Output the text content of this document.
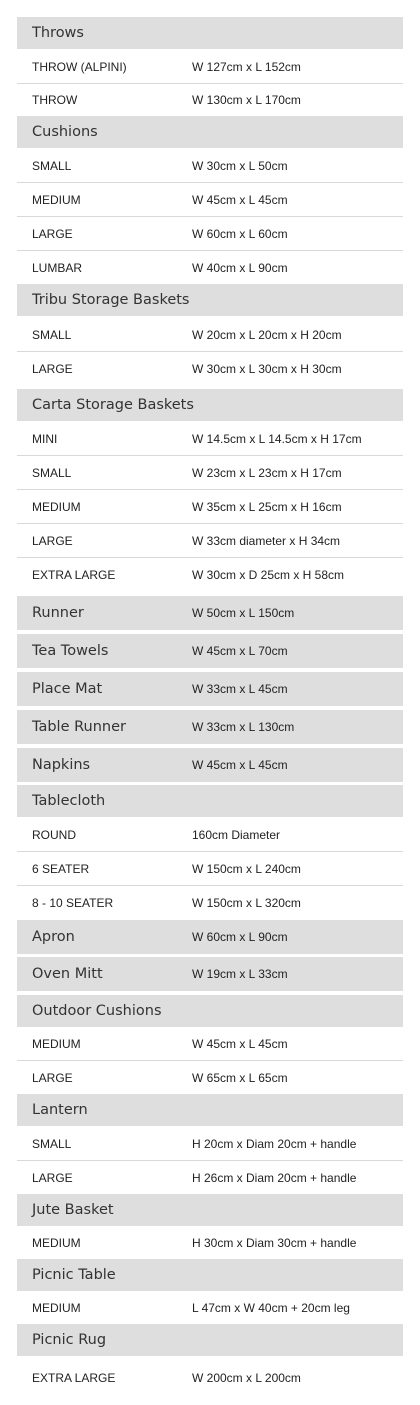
Throws
THROW (ALPINI)	W 127cm x L 152cm
THROW	W 130cm x L 170cm
Cushions
SMALL	W 30cm x L 50cm
MEDIUM	W 45cm x L 45cm
LARGE	W 60cm x L 60cm
LUMBAR	W 40cm x L 90cm
Tribu Storage Baskets
SMALL	W 20cm x L 20cm x H 20cm
LARGE	W 30cm x L 30cm x H 30cm
Carta Storage Baskets
MINI	W 14.5cm x L 14.5cm x H 17cm
SMALL	W 23cm x L 23cm x H 17cm
MEDIUM	W 35cm x L 25cm x H 16cm
LARGE	W 33cm diameter x H 34cm
EXTRA LARGE	W 30cm x D 25cm x H 58cm
Runner	W 50cm x L 150cm
Tea Towels	W 45cm x L 70cm
Place Mat	W 33cm x L 45cm
Table Runner	W 33cm x L 130cm
Napkins	W 45cm x L 45cm
Tablecloth
ROUND	160cm Diameter
6 SEATER	W 150cm x L 240cm
8 - 10 SEATER	W 150cm x L 320cm
Apron	W 60cm x L 90cm
Oven Mitt	W 19cm x L 33cm
Outdoor Cushions
MEDIUM	W 45cm x L 45cm
LARGE	W 65cm x L 65cm
Lantern
SMALL	H 20cm x Diam 20cm + handle
LARGE	H 26cm x Diam 20cm + handle
Jute Basket
MEDIUM	H 30cm x Diam 30cm + handle
Picnic Table
MEDIUM	L 47cm x W 40cm + 20cm leg
Picnic Rug
EXTRA LARGE	W 200cm x L 200cm
